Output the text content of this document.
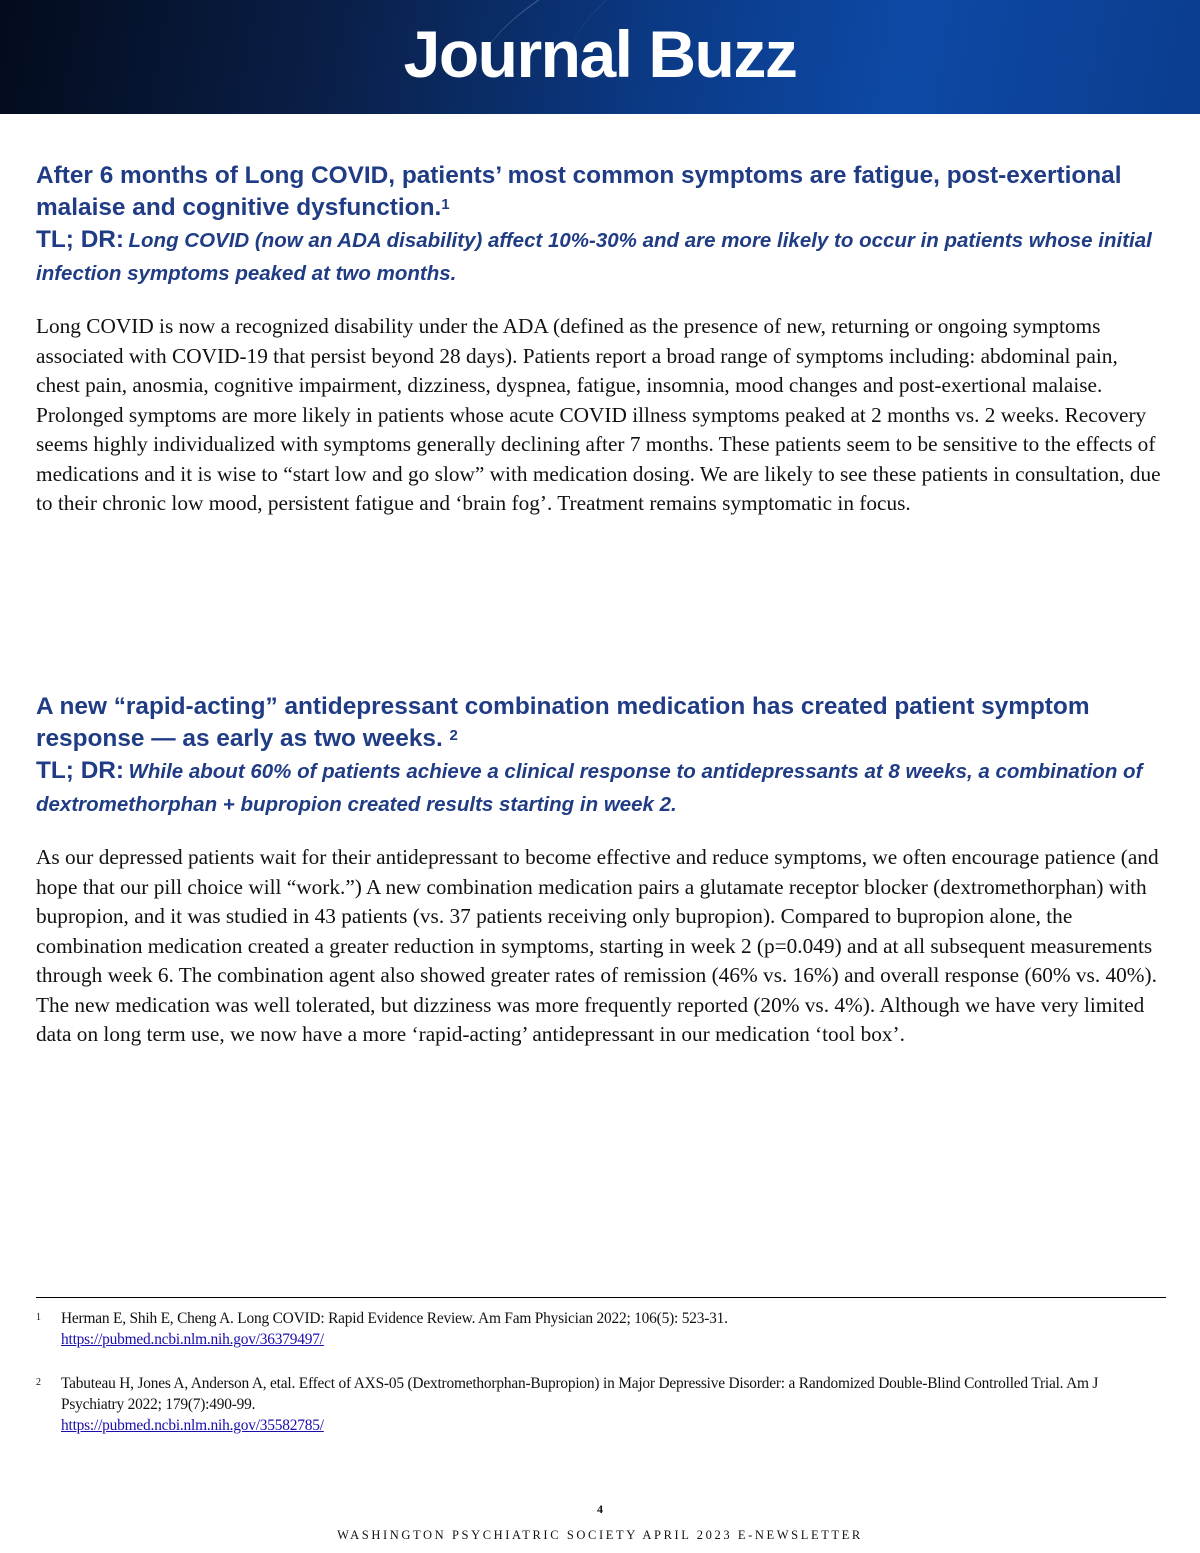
Journal Buzz
After 6 months of Long COVID, patients’ most common symptoms are fatigue, post-exertional malaise and cognitive dysfunction.$^1$

TL; DR: Long COVID (now an ADA disability) affect 10%-30% and are more likely to occur in patients whose initial infection symptoms peaked at two months.

Long COVID is now a recognized disability under the ADA (defined as the presence of new, returning or ongoing symptoms associated with COVID-19 that persist beyond 28 days). Patients report a broad range of symptoms including: abdominal pain, chest pain, anosmia, cognitive impairment, dizziness, dyspnea, fatigue, insomnia, mood changes and post-exertional malaise. Prolonged symptoms are more likely in patients whose acute COVID illness symptoms peaked at 2 months vs. 2 weeks. Recovery seems highly individualized with symptoms generally declining after 7 months. These patients seem to be sensitive to the effects of medications and it is wise to “start low and go slow” with medication dosing. We are likely to see these patients in consultation, due to their chronic low mood, persistent fatigue and ‘brain fog’. Treatment remains symptomatic in focus.

A new “rapid-acting” antidepressant combination medication has created patient symptom response — as early as two weeks. $^2$

TL; DR: While about 60% of patients achieve a clinical response to antidepressants at 8 weeks, a combination of dextromethorphan + bupropion created results starting in week 2.

As our depressed patients wait for their antidepressant to become effective and reduce symptoms, we often encourage patience (and hope that our pill choice will “work.”) A new combination medication pairs a glutamate receptor blocker (dextromethorphan) with bupropion, and it was studied in 43 patients (vs. 37 patients receiving only bupropion). Compared to bupropion alone, the combination medication created a greater reduction in symptoms, starting in week 2 (p=0.049) and at all subsequent measurements through week 6. The combination agent also showed greater rates of remission (46% vs. 16%) and overall response (60% vs. 40%). The new medication was well tolerated, but dizziness was more frequently reported (20% vs. 4%). Although we have very limited data on long term use, we now have a more ‘rapid-acting’ antidepressant in our medication ‘tool box’.

1 Herman E, Shih E, Cheng A. Long COVID: Rapid Evidence Review. Am Fam Physician 2022; 106(5): 523-31.
https://pubmed.ncbi.nlm.nih.gov/36379497/
2 Tabuteau H, Jones A, Anderson A, etal. Effect of AXS-05 (Dextromethorphan-Bupropion) in Major Depressive Disorder: a Randomized Double-Blind Controlled Trial. Am J Psychiatry 2022; 179(7):490-99.
https://pubmed.ncbi.nlm.nih.gov/35582785/
4
WASHINGTON PSYCHIATRIC SOCIETY APRIL 2023 E-NEWSLETTER
